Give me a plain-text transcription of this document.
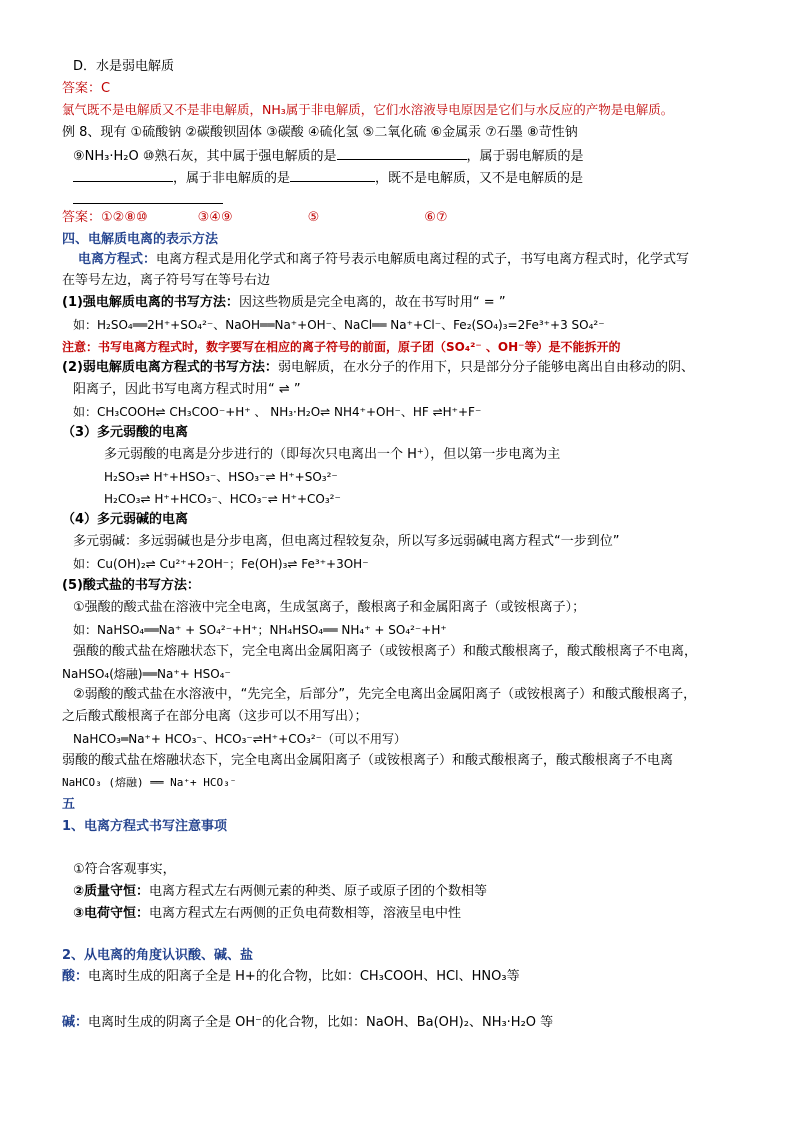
D．水是弱电解质
答案：C
氯气既不是电解质又不是非电解质，NH₃属于非电解质，它们水溶液导电原因是它们与水反应的产物是电解质。
例 8、现有 ①硫酸钠 ②碳酸钡固体 ③碳酸 ④硫化氢 ⑤二氧化硫 ⑥金属汞 ⑦石墨 ⑧苛性钠
⑨NH₃·H₂O ⑩熟石灰，其中属于强电解质的是	，属于弱电解质的是
，属于非电解质的是	，既不是电解质，又不是电解质的是
答案：①②⑧⑩	③④⑨	⑤	⑥⑦
四、电解质电离的表示方法
电离方程式：电离方程式是用化学式和离子符号表示电解质电离过程的式子，书写电离方程式时，化学式写
在等号左边，离子符号写在等号右边
(1)强电解质电离的书写方法：因这些物质是完全电离的，故在书写时用“ = ”
如：H₂SO₄══2H⁺+SO₄²⁻、NaOH══Na⁺+OH⁻、NaCl══ Na⁺+Cl⁻、Fe₂(SO₄)₃=2Fe³⁺+3 SO₄²⁻
注意：书写电离方程式时，数字要写在相应的离子符号的前面，原子团（SO₄²⁻ 、OH⁻等）是不能拆开的
(2)弱电解质电离方程式的书写方法：弱电解质，在水分子的作用下，只是部分分子能够电离出自由移动的阴、
阳离子，因此书写电离方程式时用“ ⇌ ”
如：CH₃COOH⇌ CH₃COO⁻+H⁺ 、 NH₃·H₂O⇌ NH4⁺+OH⁻、HF ⇌H⁺+F⁻
（3）多元弱酸的电离
多元弱酸的电离是分步进行的（即每次只电离出一个 H⁺），但以第一步电离为主
H₂SO₃⇌ H⁺+HSO₃⁻、HSO₃⁻⇌ H⁺+SO₃²⁻
H₂CO₃⇌ H⁺+HCO₃⁻、HCO₃⁻⇌ H⁺+CO₃²⁻
（4）多元弱碱的电离
多元弱碱：多远弱碱也是分步电离，但电离过程较复杂，所以写多远弱碱电离方程式“一步到位”
如：Cu(OH)₂⇌ Cu²⁺+2OH⁻；Fe(OH)₃⇌ Fe³⁺+3OH⁻
(5)酸式盐的书写方法：
①强酸的酸式盐在溶液中完全电离，生成氢离子，酸根离子和金属阳离子（或铵根离子）；
如：NaHSO₄══Na⁺ + SO₄²⁻+H⁺；NH₄HSO₄══ NH₄⁺ + SO₄²⁻+H⁺
强酸的酸式盐在熔融状态下，完全电离出金属阳离子（或铵根离子）和酸式酸根离子，酸式酸根离子不电离，
NaHSO₄(熔融)══Na⁺+ HSO₄⁻
②弱酸的酸式盐在水溶液中，“先完全，后部分”，先完全电离出金属阳离子（或铵根离子）和酸式酸根离子，
之后酸式酸根离子在部分电离（这步可以不用写出）；
NaHCO₃═Na⁺+ HCO₃⁻、HCO₃⁻⇌H⁺+CO₃²⁻（可以不用写）
弱酸的酸式盐在熔融状态下，完全电离出金属阳离子（或铵根离子）和酸式酸根离子，酸式酸根离子不电离
NaHCO₃ (熔融) ══ Na⁺+ HCO₃⁻
五
1、电离方程式书写注意事项
①符合客观事实，
②质量守恒：电离方程式左右两侧元素的种类、原子或原子团的个数相等
③电荷守恒：电离方程式左右两侧的正负电荷数相等，溶液呈电中性
2、从电离的角度认识酸、碱、盐
酸：电离时生成的阳离子全是 H+的化合物，比如：CH₃COOH、HCl、HNO₃等
碱：电离时生成的阴离子全是 OH⁻的化合物，比如：NaOH、Ba(OH)₂、NH₃·H₂O 等
